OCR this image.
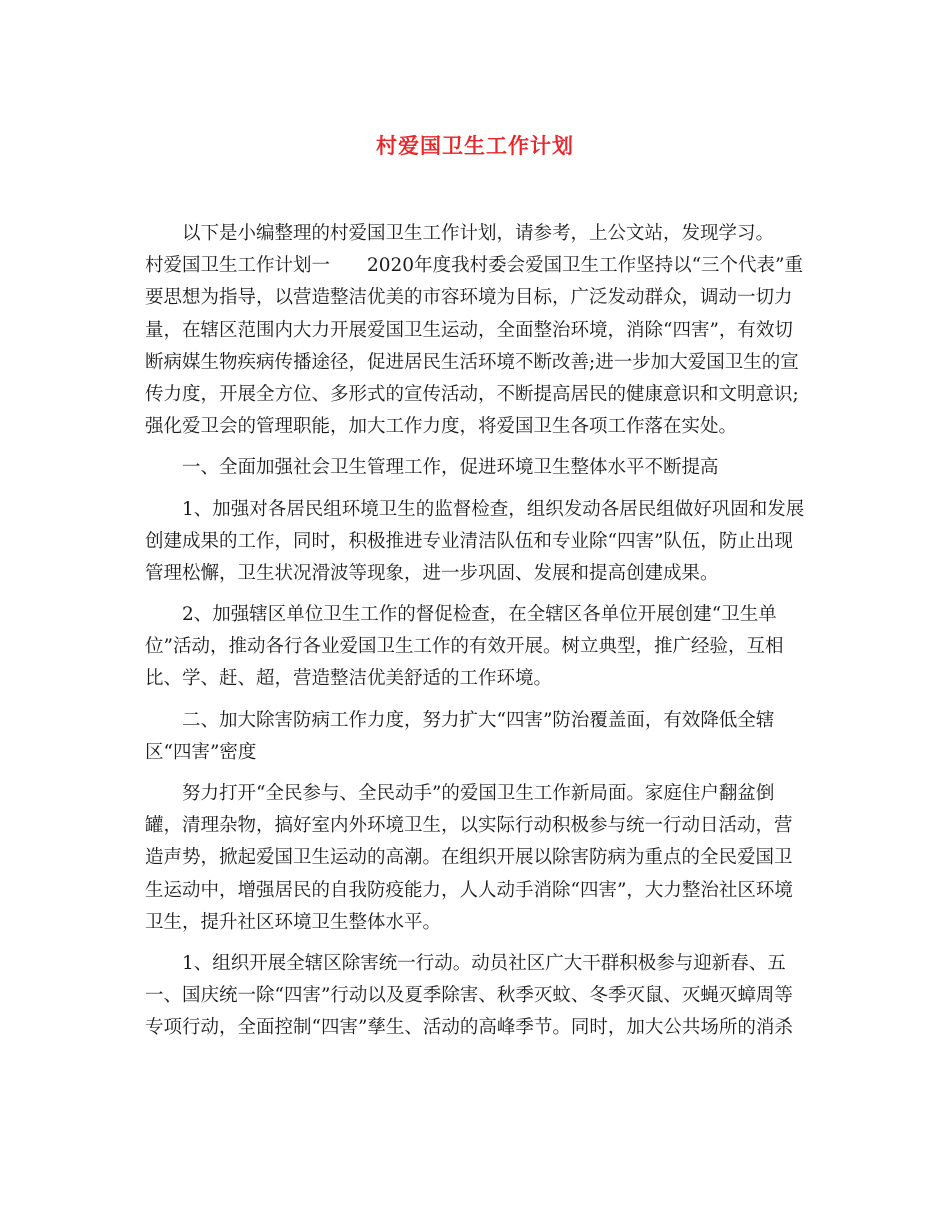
村爱国卫生工作计划
以下是小编整理的村爱国卫生工作计划，请参考，上公文站，发现学习。
村爱国卫生工作计划一　　2020年度我村委会爱国卫生工作坚持以“三个代表”重
要思想为指导，以营造整洁优美的市容环境为目标，广泛发动群众，调动一切力
量，在辖区范围内大力开展爱国卫生运动，全面整治环境，消除“四害”，有效切
断病媒生物疾病传播途径，促进居民生活环境不断改善;进一步加大爱国卫生的宣
传力度，开展全方位、多形式的宣传活动，不断提高居民的健康意识和文明意识;
强化爱卫会的管理职能，加大工作力度，将爱国卫生各项工作落在实处。
一、全面加强社会卫生管理工作，促进环境卫生整体水平不断提高
1、加强对各居民组环境卫生的监督检查，组织发动各居民组做好巩固和发展
创建成果的工作，同时，积极推进专业清洁队伍和专业除“四害”队伍，防止出现
管理松懈，卫生状况滑波等现象，进一步巩固、发展和提高创建成果。
2、加强辖区单位卫生工作的督促检查，在全辖区各单位开展创建“卫生单
位”活动，推动各行各业爱国卫生工作的有效开展。树立典型，推广经验，互相
比、学、赶、超，营造整洁优美舒适的工作环境。
二、加大除害防病工作力度，努力扩大“四害”防治覆盖面，有效降低全辖
区“四害”密度
努力打开“全民参与、全民动手”的爱国卫生工作新局面。家庭住户翻盆倒
罐，清理杂物，搞好室内外环境卫生，以实际行动积极参与统一行动日活动，营
造声势，掀起爱国卫生运动的高潮。在组织开展以除害防病为重点的全民爱国卫
生运动中，增强居民的自我防疫能力，人人动手消除“四害”，大力整治社区环境
卫生，提升社区环境卫生整体水平。
1、组织开展全辖区除害统一行动。动员社区广大干群积极参与迎新春、五
一、国庆统一除“四害”行动以及夏季除害、秋季灭蚊、冬季灭鼠、灭蝇灭蟑周等
专项行动，全面控制“四害”孳生、活动的高峰季节。同时，加大公共场所的消杀
